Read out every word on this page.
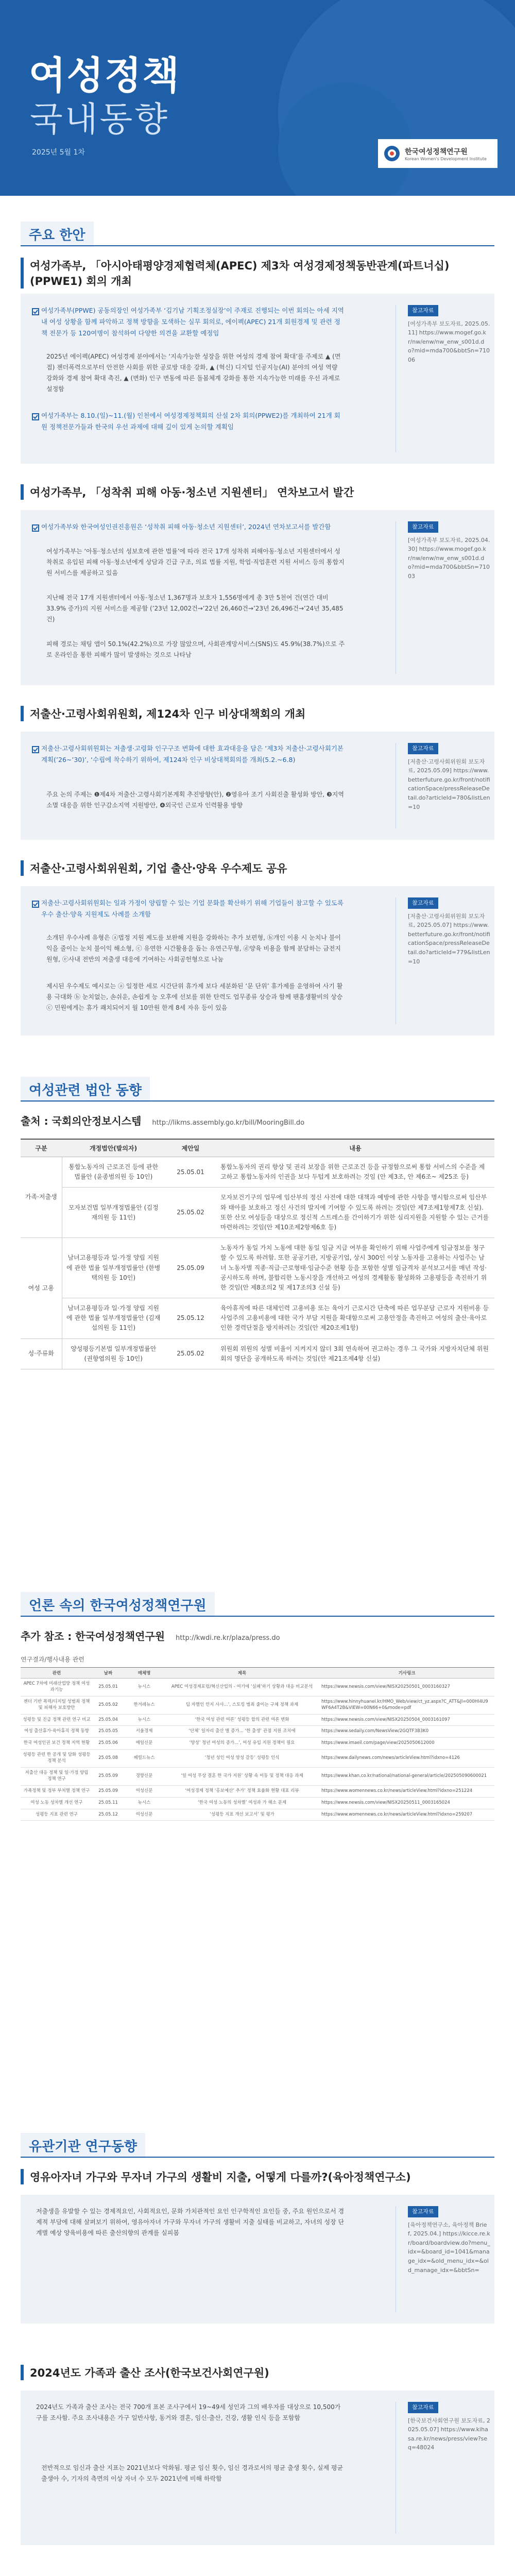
여성정책
국내동향
2025년 5월 1차	한국여성정책연구원
Korean Women's Development Institute
주요 한안
여성가족부, 「아시아태평양경제협력체(APEC) 제3차 여성경제정책동반관계(파트너십)(PPWE1) 회의 개최
여성가족부(PPWE) 공동의장인 여성가족부 ‘김기남 기획조정실장’이 주재로 진행되는 이번 회의는 아세 지역 내 여성 상황을 함께 파악하고 정책 방향을 모색하는 실무 회의로, 에이펙(APEC) 21개 회원경제 및 관련 정책 전문가 등 120여명이 참석하여 다양한 의견을 교환할 예정임
2025년 에이펙(APEC) 여성경제 분야에서는 ‘지속가능한 성장을 위한 여성의 경제 참여 확대’를 주제로 ▲ (면접) 젠더폭력으로부터 안전한 사회를 위한 공로방 대응 강화, ▲ (혁신) 디지털 인공지능(AI) 분야의 여성 역량 강화와 경제 참여 확대 촉진, ▲ (변화) 인구 변동에 따른 돌봄체계 강화를 통한 지속가능한 미래를 우선 과제로 설정함
여성가족부는 8.10.(일)~11.(월) 인천에서 여성경제정책회의 산설 2차 회의(PPWE2)를 개최하여 21개 회원 정책전문가들과 한국의 우선 과제에 대해 깊이 있게 논의할 계획임
참고자료
[여성가족부 보도자료, 2025.05.11] https://www.mogef.go.kr/nw/enw/nw_enw_s001d.do?mid=mda700&bbtSn=71006
여성가족부, 「성착취 피해 아동·청소년 지원센터」 연차보고서 발간
여성가족부와 한국여성인권진흥원은 ‘성착취 피해 아동·청소년 지원센터’, 2024년 연차보고서를 발간함
여성가족부는 ‘아동·청소년의 성보호에 관한 법률’에 따라 전국 17개 성착취 피해아동·청소년 지원센터에서 성착취로 유입된 피해 아동·청소년에게 상담과 긴급 구조, 의료 법률 지원, 학업·직업훈련 지원 서비스 등의 통합지원 서비스를 제공하고 있음
지난해 전국 17개 지원센터에서 아동·청소년 1,367명과 보호자 1,556명에게 총 3만 5천여 건(연간 대비 33.9% 증가)의 지원 서비스를 제공함 (’23년 12,002건→’22년 26,460건→’23년 26,496건→’24년 35,485건)
피해 경로는 채팅 앱이 50.1%(42.2%)으로 가장 많았으며, 사회관계망서비스(SNS)도 45.9%(38.7%)으로 주로 온라인을 통한 피해가 많이 발생하는 것으로 나타남
참고자료
[여성가족부 보도자료, 2025.04.30] https://www.mogef.go.kr/nw/enw/nw_enw_s001d.do?mid=mda700&bbtSn=71003
저출산·고령사회위원회, 제124차 인구 비상대책회의 개최
저출산·고령사회위원회는 저출생·고령화 인구구조 변화에 대한 효과대응을 담은 ‘제3차 저출산·고령사회기본계획(’26~’30)’, ‘수립에 착수하기 위하여, 제124차 인구 비상대책회의를 개최(5.2.~6.8)
주요 논의 주제는 ❶제4차 저출산·고령사회기본계획 추진방향(안), ❷영유아 조기 사회진출 활성화 방안, ❸지역소멸 대응을 위한 인구감소지역 지원방안, ❹외국인 근로자 인력활용 방향
참고자료
[저출산·고령사회위원회 보도자료, 2025.05.09] https://www.betterfuture.go.kr/front/notificationSpace/pressReleaseDetail.do?articleId=780&listLen=10
저출산·고령사회위원회, 기업 출산·양육 우수제도 공유
저출산·고령사회위원회는 일과 가정이 양립할 수 있는 기업 문화를 확산하기 위해 기업들이 참고할 수 있도록 우수 출산·양육 지원제도 사례를 소개함
소개된 우수사례 유형은 ⓐ법정 지원 제도를 보완해 지원을 강화하는 추가 보편형, ⓑ개인 이용 시 눈치나 불이익을 줄이는 눈치 불이익 해소형, ⓒ 유연한 시간활용을 돕는 유연근무형, ⓓ양육 비용을 함께 분담하는 금전지원형, ⓔ사내 전반의 저출생 대응에 기여하는 사회공헌형으로 나눔
제시된 우수제도 예시로는 ⓐ 일정한 세로 시간단위 휴가제 보다 세분화된 ‘문 단위’ 휴가제를 운영하여 사기 활용 극대화 ⓑ 눈치없는, 손쉬운, 손쉽게 능 오후에 선보를 위한 탄력도 업무종류 상승과 함께 팬홈생활비의 상승 ⓒ 민원에게는 휴가 쾌치되어지 월 10만원 한계 8세 자유 등이 있음
참고자료
[저출산·고령사회위원회 보도자료, 2025.05.07] https://www.betterfuture.go.kr/front/notificationSpace/pressReleaseDetail.do?articleId=779&listLen=10
여성관련 법안 동향
출처 : 국회의안정보시스템 http://likms.assembly.go.kr/bill/MooringBill.do
구분	개정법안(발의자)	제안일	내용
가족·저출생	통합노동자의 근로조건 등에 관한 법률안 (윤종범의원 등 10인)	25.05.01	통합노동자의 권리 향상 및 권리 보장을 위한 근로조건 등을 규정함으로써 통합 서비스의 수준을 제고하고 통합노동자의 인권을 보다 두텁게 보호하려는 것임 (안 제3조, 안 제6조~ 제25조 등)
	모자보건법 일부개정법률안 (김정재의원 등 11인)	25.05.02	모자보건기구의 업무에 임산부의 정신 사전에 대한 대책과 예방에 관한 사항을 명시함으로써 임산부와 태아를 보호하고 정신 사건의 발지에 기여할 수 있도록 하려는 것임(안 제7조제1항제7호 신설). 또한 산모 여성들을 대상으로 정신적 스트레스를 간이하기가 위한 심리지원을 지원할 수 있는 근거를 마련하려는 것임(안 제10조제2항제6호 등)
여성 고용	남녀고용평등과 일·가정 양립 지원에 관한 법률 일부개정법률안 (한병택의원 등 10인)	25.05.09	노동자가 동일 가치 노동에 대한 동일 임금 지급 여부를 확인하기 위해 사업주에게 임금정보를 청구할 수 있도록 하려함. 또한 공공기관, 지방공기업, 상시 300인 이상 노동자를 고용하는 사업주는 남녀 노동자별 직종·직급·근로형태·임금수준 현황 등을 포함한 성별 임금격차 분석보고서를 매년 작성·공시하도록 하며, 불합리한 노동시장을 개선하고 여성의 경제활동 활성화와 고용평등을 촉진하기 위한 것임(안 제8조의2 및 제17조의3 신설 등)
	남녀고용평등과 일·가정 양립 지원에 관한 법률 일부개정법률안 (김재섭의원 등 11인)	25.05.12	육아휴직에 따른 대체인력 고용비용 또는 육아기 근로시간 단축에 따른 업무분담 근로자 지원비용 등 사업주의 고용비용에 대한 국가 부담 지원을 확대함으로써 고용안정을 촉진하고 여성의 출산·육아로 인한 경력단절을 방지하려는 것임(안 제20조제1항)
성·주류화	양성평등기본법 일부개정법률안 (권향엽의원 등 10인)	25.05.02	위원회 위원의 성별 비율이 지켜지지 않더 3회 연속하여 권고하는 경우 그 국가와 지방자치단체 위원회의 명단을 공개하도록 하려는 것임(안 제21조제4항 신설)
언론 속의 한국여성정책연구원
추가 참조 : 한국여성정책연구원 http://kwdi.re.kr/plaza/press.do
연구결과/행사내용 관련
관련	날짜	매체명	제목	기사링크
APEC 7차에 미래산업망 정책 여성과기능	25.05.01	뉴시스	APEC 여성경제포럼/혁신산업의 - 여기에 ‘실패’하기 상황과 대응 비교분석	https://www.newsis.com/view/NISX20250501_0003160327
젠더 기반 폭력/디지털 성범죄 정책 및 피해자 보호방안	25.05.02	한겨레뉴스	딥 자멸인 인지 사사...’, 스토킹 범죄 줄이는 구체 정책 과제	https://www.hinnyhuanei.kr/HMO_Web/view/ct_yz.aspx?C_ATT&Jl=000HI4U9WF6A4T2B&VIEW=00N66+0&mode=pdf
성평등 및 진급 정책 관련 연구 비교	25.05.04	뉴시스	‘한국 여성 관련 여론’ 성평등 합의 관련 여론 변화	https://www.newsis.com/view/NISX20250504_0003161097
여성 출산휴가·육아휴직 정책 동향	25.05.05	서울경제	‘단체’ 일자리 출산 별 증가... ‘한 출생’ 관점 지원 조치에	https://www.sedaily.com/NewsView/2GQTF3B3K0
한국 여성인권 보건 정책 지역 현황	25.05.06	매일신문	‘양성’ 청년 여성의 증가...’, 여성 유입 지원 정책이 필요	https://www.imaeil.com/page/view/2025050612000
성평등 관련 한 공개 및 담화 성평등 정책 분석	25.05.08	헤럴드뉴스	‘청년 성인 여성 양성 갈등’ 성평등 인식	https://www.dailynews.com/news/articleView.html?idxno=4126
저출산 대응 정책 및 일·가정 양립 정책 연구	25.05.09	경향신문	‘일 여성 무상 결혼 한 국가 지원’ 상황 속 이동 및 정책 대응 과제	https://www.khan.co.kr/national/national-general/article/202505090600021
가족정책 및 정부 부처별 정책 연구	25.05.09	여성신문	‘여성경제 정책 ‘홍보예산’ 추가’ 정책 효율화 현황 대표 리뷰	https://www.womennews.co.kr/news/articleView.html?idxno=251224
여성 노동 성차별 개선 연구	25.05.11	뉴시스	‘한국 여성 노동의 성차별’ 여성과 가 해소 문제	https://www.newsis.com/view/NISX20250511_0003165024
성평등 지표 관련 연구	25.05.12	여성신문	‘성평등 지표 개선 보고서’ 및 평가	https://www.womennews.co.kr/news/articleView.html?idxno=259207
유관기관 연구동향
영유아자녀 가구와 무자녀 가구의 생활비 지출, 어떻게 다를까?(육아정책연구소)
저출생을 유발할 수 있는 경제적요인, 사회적요인, 문화 가치관적인 요인 인구학적인 요인들 중, 주요 원인으로서 경제적 부담에 대해 살펴보기 위하여, 영유아자녀 가구와 무자녀 가구의 생활비 지출 실태를 비교하고, 자녀의 성장 단계별 예상 양육비용에 따른 출산의향의 관계를 실피봄
참고자료
[육아정책연구소, 육아정책 Brief, 2025.04.] https://kicce.re.kr/board/boardview.do?menu_idx=&board_id=1041&manage_idx=&old_menu_idx=&old_manage_idx=&bbtSn=
2024년도 가족과 출산 조사(한국보건사회연구원)
2024년도 가족과 출산 조사는 전국 700개 표본 조사구에서 19~49세 성인과 그의 배우자를 대상으로 10,500가구를 조사함. 주요 조사내용은 가구 일반사항, 동거와 결혼, 임신·출산, 건강, 생활 인식 등을 포함함
전반적으로 임신과 출산 지표는 2021년보다 악화됨. 평균 임신 횟수, 임신 경과로서의 평균 출생 횟수, 실제 평균 출생아 수, 기자의 측면의 이상 자녀 수 모두 2021년에 비해 하락함
참고자료
[한국보건사회연구원 보도자료, 2025.05.07] https://www.kihasa.re.kr/news/press/view?seq=48024
